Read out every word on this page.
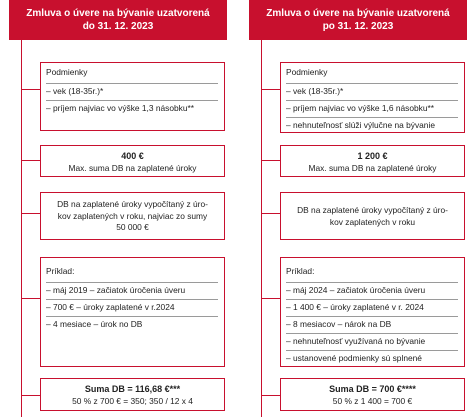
Zmluva o úvere na bývanie uzatvorená
do 31. 12. 2023
Podmienky
– vek (18-35r.)*
– príjem najviac vo výške 1,3 násobku**
400 €
Max. suma DB na zaplatené úroky
DB na zaplatené úroky vypočítaný z úro-
kov zaplatených v roku, najviac zo sumy
50 000 €
Príklad:
– máj 2019 – začiatok úročenia úveru
– 700 € – úroky zaplatené v r.2024
– 4 mesiace – úrok no DB
Suma DB = 116,68 €***
50 % z 700 € = 350; 350 / 12 x 4
Zmluva o úvere na bývanie uzatvorená
po 31. 12. 2023
Podmienky
– vek (18-35r.)*
– príjem najviac vo výške 1,6 násobku**
– nehnuteľnosť slúži výlučne na bývanie
1 200 €
Max. suma DB na zaplatené úroky
DB na zaplatené úroky vypočítaný z úro-
kov zaplatených v roku
Príklad:
– máj 2024 – začiatok úročenia úveru
– 1 400 € – úroky zaplatené v r. 2024
– 8 mesiacov – nárok na DB
– nehnuteľnosť využívaná no bývanie
– ustanovené podmienky sú splnené
Suma DB = 700 €****
50 % z 1 400 = 700 €
